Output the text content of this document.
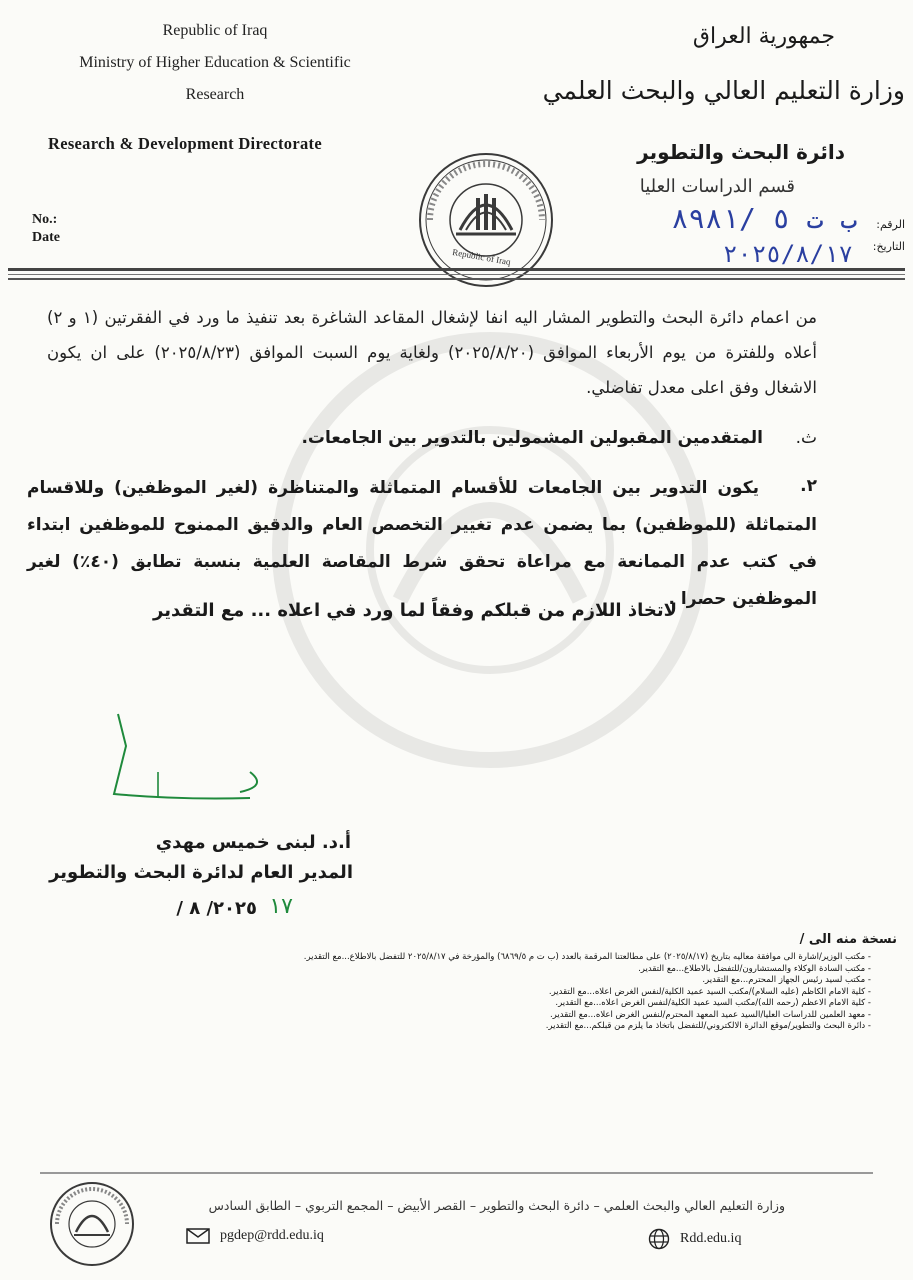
Republic of Iraq
Ministry of Higher Education & Scientific
Research
Research & Development Directorate
No.:
Date
جمهورية العراق
وزارة التعليم العالي والبحث العلمي
دائرة البحث والتطوير
قسم الدراسات العليا
الرقم:
التاريخ:
ب ت ٥ /٨٩٨١
٢٠٢٥/٨/١٧
Republic of Iraq
من اعمام دائرة البحث والتطوير المشار اليه انفا لإشغال المقاعد الشاغرة بعد تنفيذ ما ورد في الفقرتين (١ و ٢) أعلاه وللفترة من يوم الأربعاء الموافق (٢٠٢٥/٨/٢٠) ولغاية يوم السبت الموافق (٢٠٢٥/٨/٢٣) على ان يكون الاشغال وفق اعلى معدل تفاضلي.
ث.
المتقدمين المقبولين المشمولين بالتدوير بين الجامعات.
٢.
يكون التدوير بين الجامعات للأقسام المتماثلة والمتناظرة (لغير الموظفين) وللاقسام المتماثلة (للموظفين) بما يضمن عدم تغيير التخصص العام والدقيق الممنوح للموظفين ابتداء في كتب عدم الممانعة مع مراعاة تحقق شرط المقاصة العلمية بنسبة تطابق (٤٠٪) لغير الموظفين حصرا .
لاتخاذ اللازم من قبلكم وفقاً لما ورد في اعلاه ... مع التقدير
أ.د. لبنى خميس مهدي
المدير العام لدائرة البحث والتطوير
٢٠٢٥/ ٨ / ١٧
نسخة منه الى /
- مكتب الوزير/اشارة الى موافقة معاليه بتاريخ (٢٠٢٥/٨/١٧) على مطالعتنا المرقمة بالعدد (ب ت م ٦٨٦٩/٥) والمؤرخة في ٢٠٢٥/٨/١٧ للتفضل بالاطلاع...مع التقدير.
- مكتب السادة الوكلاء والمستشارون/للتفضل بالاطلاع...مع التقدير.
- مكتب لسيد رئيس الجهاز المحترم...مع التقدير.
- كلية الامام الكاظم (عليه السلام)/مكتب السيد عميد الكلية/لنفس الغرض اعلاه...مع التقدير.
- كلية الامام الاعظم (رحمه الله)/مكتب السيد عميد الكلية/لنفس الغرض اعلاه...مع التقدير.
- معهد العلمين للدراسات العليا/السيد عميد المعهد المحترم/لنفس الغرض اعلاه...مع التقدير.
- دائرة البحث والتطوير/موقع الدائرة الالكتروني/للتفضل باتخاذ ما يلزم من قبلكم...مع التقدير.
وزارة التعليم العالي والبحث العلمي – دائرة البحث والتطوير – القصر الأبيض – المجمع التربوي – الطابق السادس
pgdep@rdd.edu.iq	Rdd.edu.iq
